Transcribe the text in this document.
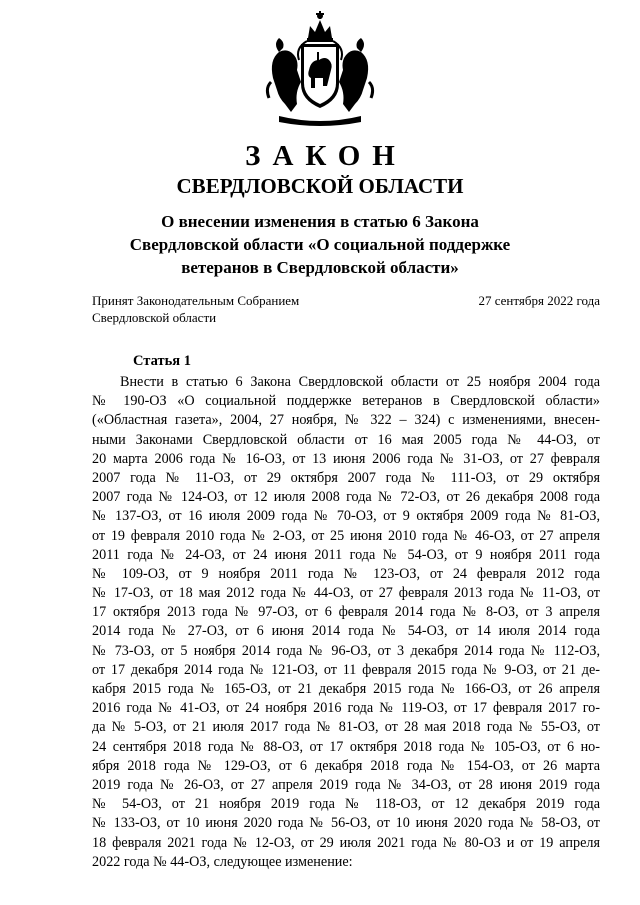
ЗАКОН
СВЕРДЛОВСКОЙ ОБЛАСТИ
О внесении изменения в статью 6 Закона
Свердловской области «О социальной поддержке
ветеранов в Свердловской области»
Принят Законодательным Собранием
Свердловской области
27 сентября 2022 года
Статья 1
Внести в статью 6 Закона Свердловской области от 25 ноября 2004 года
№ 190-ОЗ «О социальной поддержке ветеранов в Свердловской области»
(«Областная газета», 2004, 27 ноября, № 322 – 324) с изменениями, внесен-
ными Законами Свердловской области от 16 мая 2005 года № 44-ОЗ, от
20 марта 2006 года № 16-ОЗ, от 13 июня 2006 года № 31-ОЗ, от 27 февраля
2007 года № 11-ОЗ, от 29 октября 2007 года № 111-ОЗ, от 29 октября
2007 года № 124-ОЗ, от 12 июля 2008 года № 72-ОЗ, от 26 декабря 2008 года
№ 137-ОЗ, от 16 июля 2009 года № 70-ОЗ, от 9 октября 2009 года № 81-ОЗ,
от 19 февраля 2010 года № 2-ОЗ, от 25 июня 2010 года № 46-ОЗ, от 27 апреля
2011 года № 24-ОЗ, от 24 июня 2011 года № 54-ОЗ, от 9 ноября 2011 года
№ 109-ОЗ, от 9 ноября 2011 года № 123-ОЗ, от 24 февраля 2012 года
№ 17-ОЗ, от 18 мая 2012 года № 44-ОЗ, от 27 февраля 2013 года № 11-ОЗ, от
17 октября 2013 года № 97-ОЗ, от 6 февраля 2014 года № 8-ОЗ, от 3 апреля
2014 года № 27-ОЗ, от 6 июня 2014 года № 54-ОЗ, от 14 июля 2014 года
№ 73-ОЗ, от 5 ноября 2014 года № 96-ОЗ, от 3 декабря 2014 года № 112-ОЗ,
от 17 декабря 2014 года № 121-ОЗ, от 11 февраля 2015 года № 9-ОЗ, от 21 де-
кабря 2015 года № 165-ОЗ, от 21 декабря 2015 года № 166-ОЗ, от 26 апреля
2016 года № 41-ОЗ, от 24 ноября 2016 года № 119-ОЗ, от 17 февраля 2017 го-
да № 5-ОЗ, от 21 июля 2017 года № 81-ОЗ, от 28 мая 2018 года № 55-ОЗ, от
24 сентября 2018 года № 88-ОЗ, от 17 октября 2018 года № 105-ОЗ, от 6 но-
ября 2018 года № 129-ОЗ, от 6 декабря 2018 года № 154-ОЗ, от 26 марта
2019 года № 26-ОЗ, от 27 апреля 2019 года № 34-ОЗ, от 28 июня 2019 года
№ 54-ОЗ, от 21 ноября 2019 года № 118-ОЗ, от 12 декабря 2019 года
№ 133-ОЗ, от 10 июня 2020 года № 56-ОЗ, от 10 июня 2020 года № 58-ОЗ, от
18 февраля 2021 года № 12-ОЗ, от 29 июля 2021 года № 80-ОЗ и от 19 апреля
2022 года № 44-ОЗ, следующее изменение:
